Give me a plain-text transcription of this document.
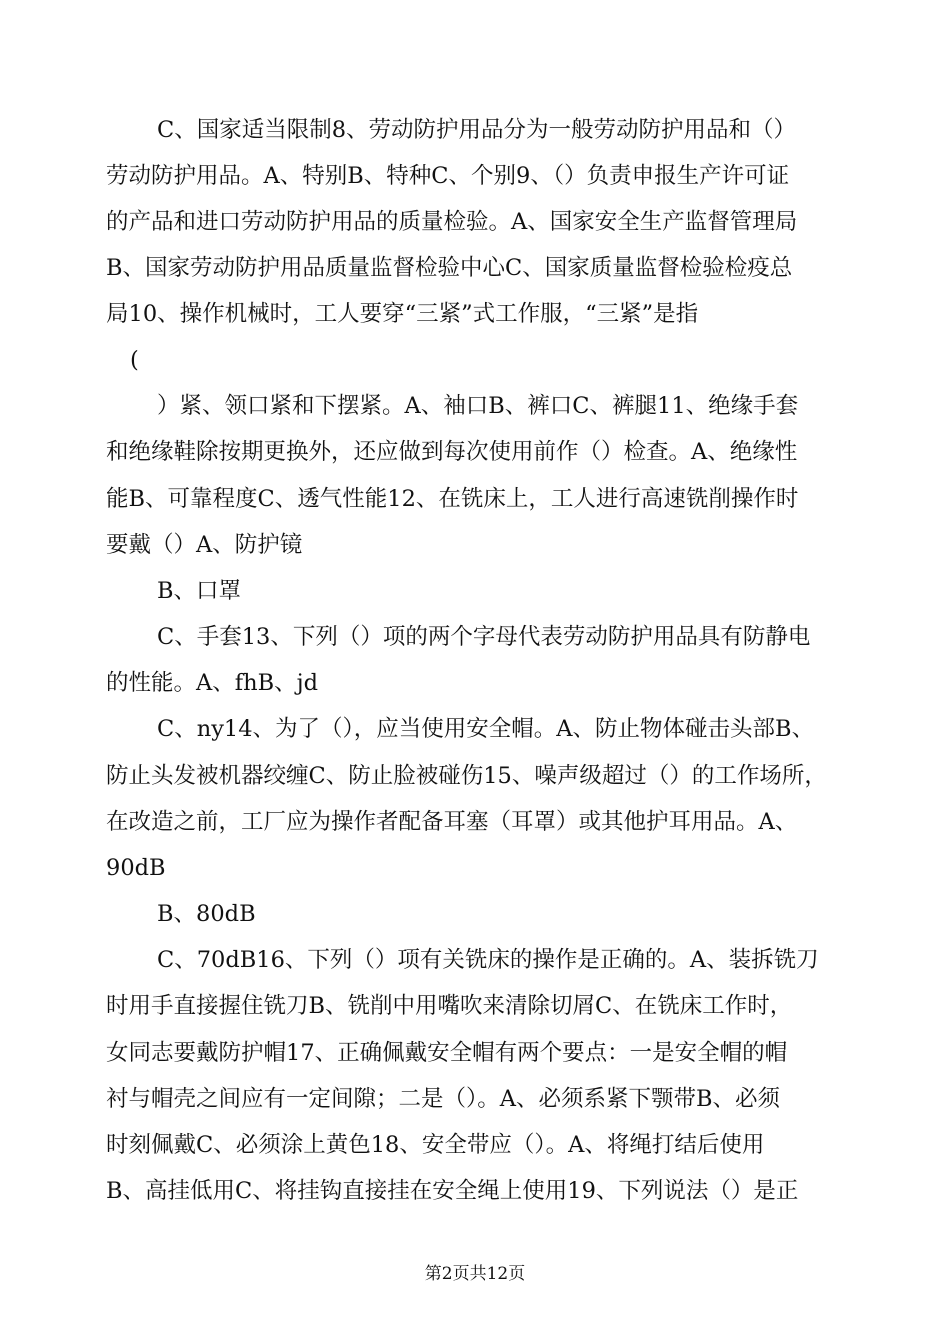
C、国家适当限制8、劳动防护用品分为一般劳动防护用品和（）
劳动防护用品。A、特别B、特种C、个别9、（）负责申报生产许可证
的产品和进口劳动防护用品的质量检验。A、国家安全生产监督管理局
B、国家劳动防护用品质量监督检验中心C、国家质量监督检验检疫总
局10、操作机械时，工人要穿“三紧”式工作服，“三紧”是指
(
）紧、领口紧和下摆紧。A、袖口B、裤口C、裤腿11、绝缘手套
和绝缘鞋除按期更换外，还应做到每次使用前作（）检查。A、绝缘性
能B、可靠程度C、透气性能12、在铣床上，工人进行高速铣削操作时
要戴（）A、防护镜
B、口罩
C、手套13、下列（）项的两个字母代表劳动防护用品具有防静电
的性能。A、fhB、jd
C、ny14、为了（），应当使用安全帽。A、防止物体碰击头部B、
防止头发被机器绞缠C、防止脸被碰伤15、噪声级超过（）的工作场所，
在改造之前，工厂应为操作者配备耳塞（耳罩）或其他护耳用品。A、
90dB
B、80dB
C、70dB16、下列（）项有关铣床的操作是正确的。A、装拆铣刀
时用手直接握住铣刀B、铣削中用嘴吹来清除切屑C、在铣床工作时，
女同志要戴防护帽17、正确佩戴安全帽有两个要点：一是安全帽的帽
衬与帽壳之间应有一定间隙；二是（）。A、必须系紧下颚带B、必须
时刻佩戴C、必须涂上黄色18、安全带应（）。A、将绳打结后使用
B、高挂低用C、将挂钩直接挂在安全绳上使用19、下列说法（）是正
第2页共12页
